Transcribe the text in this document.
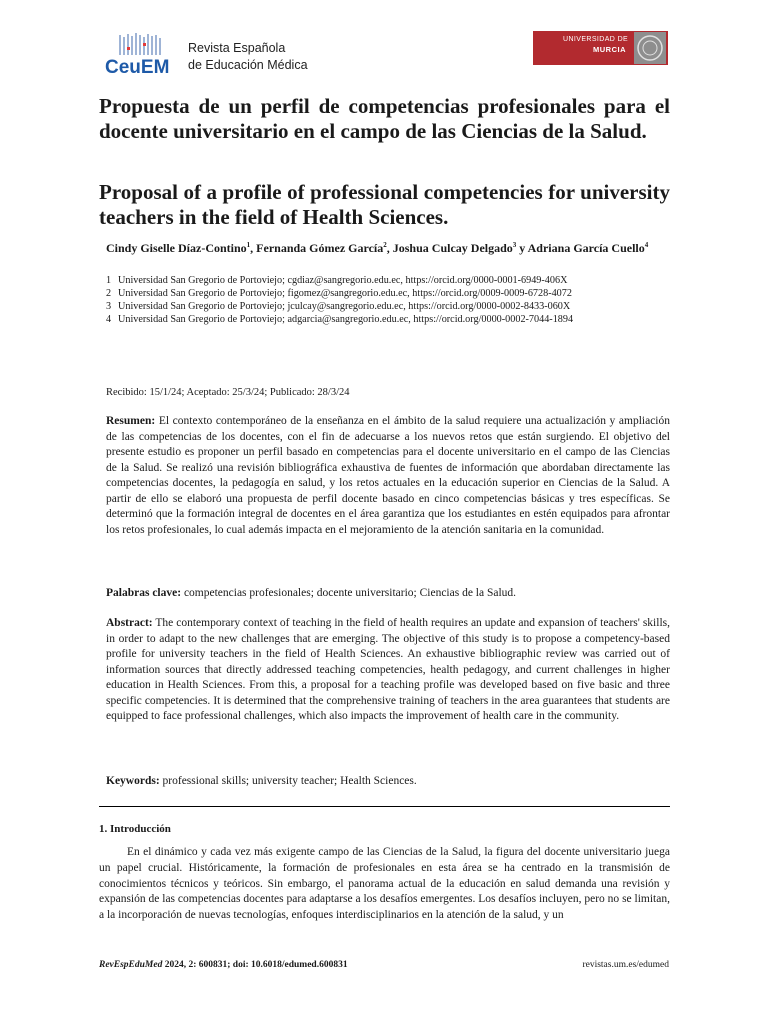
CeuEM
Revista Española
de Educación Médica
UNIVERSIDAD DE
MURCIA
Propuesta de un perfil de competencias profesionales para el docente universitario en el campo de las Ciencias de la Salud.
Proposal of a profile of professional competencies for university teachers in the field of Health Sciences.
Cindy Giselle Díaz-Contino$^1$, Fernanda Gómez García$^2$, Joshua Culcay Delgado$^3$ y Adriana García Cuello$^4$
1 Universidad San Gregorio de Portoviejo; cgdiaz@sangregorio.edu.ec, https://orcid.org/0000-0001-6949-406X
2 Universidad San Gregorio de Portoviejo; figomez@sangregorio.edu.ec, https://orcid.org/0009-0009-6728-4072
3 Universidad San Gregorio de Portoviejo; jculcay@sangregorio.edu.ec, https://orcid.org/0000-0002-8433-060X
4 Universidad San Gregorio de Portoviejo; adgarcia@sangregorio.edu.ec, https://orcid.org/0000-0002-7044-1894
Recibido: 15/1/24; Aceptado: 25/3/24; Publicado: 28/3/24
Resumen: El contexto contemporáneo de la enseñanza en el ámbito de la salud requiere una actualización y ampliación de las competencias de los docentes, con el fin de adecuarse a los nuevos retos que están surgiendo. El objetivo del presente estudio es proponer un perfil basado en competencias para el docente universitario en el campo de las Ciencias de la Salud. Se realizó una revisión bibliográfica exhaustiva de fuentes de información que abordaban directamente las competencias docentes, la pedagogía en salud, y los retos actuales en la educación superior en Ciencias de la Salud. A partir de ello se elaboró una propuesta de perfil docente basado en cinco competencias básicas y tres específicas. Se determinó que la formación integral de docentes en el área garantiza que los estudiantes en estén equipados para afrontar los retos profesionales, lo cual además impacta en el mejoramiento de la atención sanitaria en la comunidad.
Palabras clave: competencias profesionales; docente universitario; Ciencias de la Salud.
Abstract: The contemporary context of teaching in the field of health requires an update and expansion of teachers' skills, in order to adapt to the new challenges that are emerging. The objective of this study is to propose a competency-based profile for university teachers in the field of Health Sciences. An exhaustive bibliographic review was carried out of information sources that directly addressed teaching competencies, health pedagogy, and current challenges in higher education in Health Sciences. From this, a proposal for a teaching profile was developed based on five basic and three specific competencies. It is determined that the comprehensive training of teachers in the area guarantees that students are equipped to face professional challenges, which also impacts the improvement of health care in the community.
Keywords: professional skills; university teacher; Health Sciences.
1. Introducción
En el dinámico y cada vez más exigente campo de las Ciencias de la Salud, la figura del docente universitario juega un papel crucial. Históricamente, la formación de profesionales en esta área se ha centrado en la transmisión de conocimientos técnicos y teóricos. Sin embargo, el panorama actual de la educación en salud demanda una revisión y expansión de las competencias docentes para adaptarse a los desafíos emergentes. Los desafíos incluyen, pero no se limitan, a la incorporación de nuevas tecnologías, enfoques interdisciplinarios en la atención de la salud, y un
RevEspEduMed 2024, 2: 600831; doi: 10.6018/edumed.600831	revistas.um.es/edumed
